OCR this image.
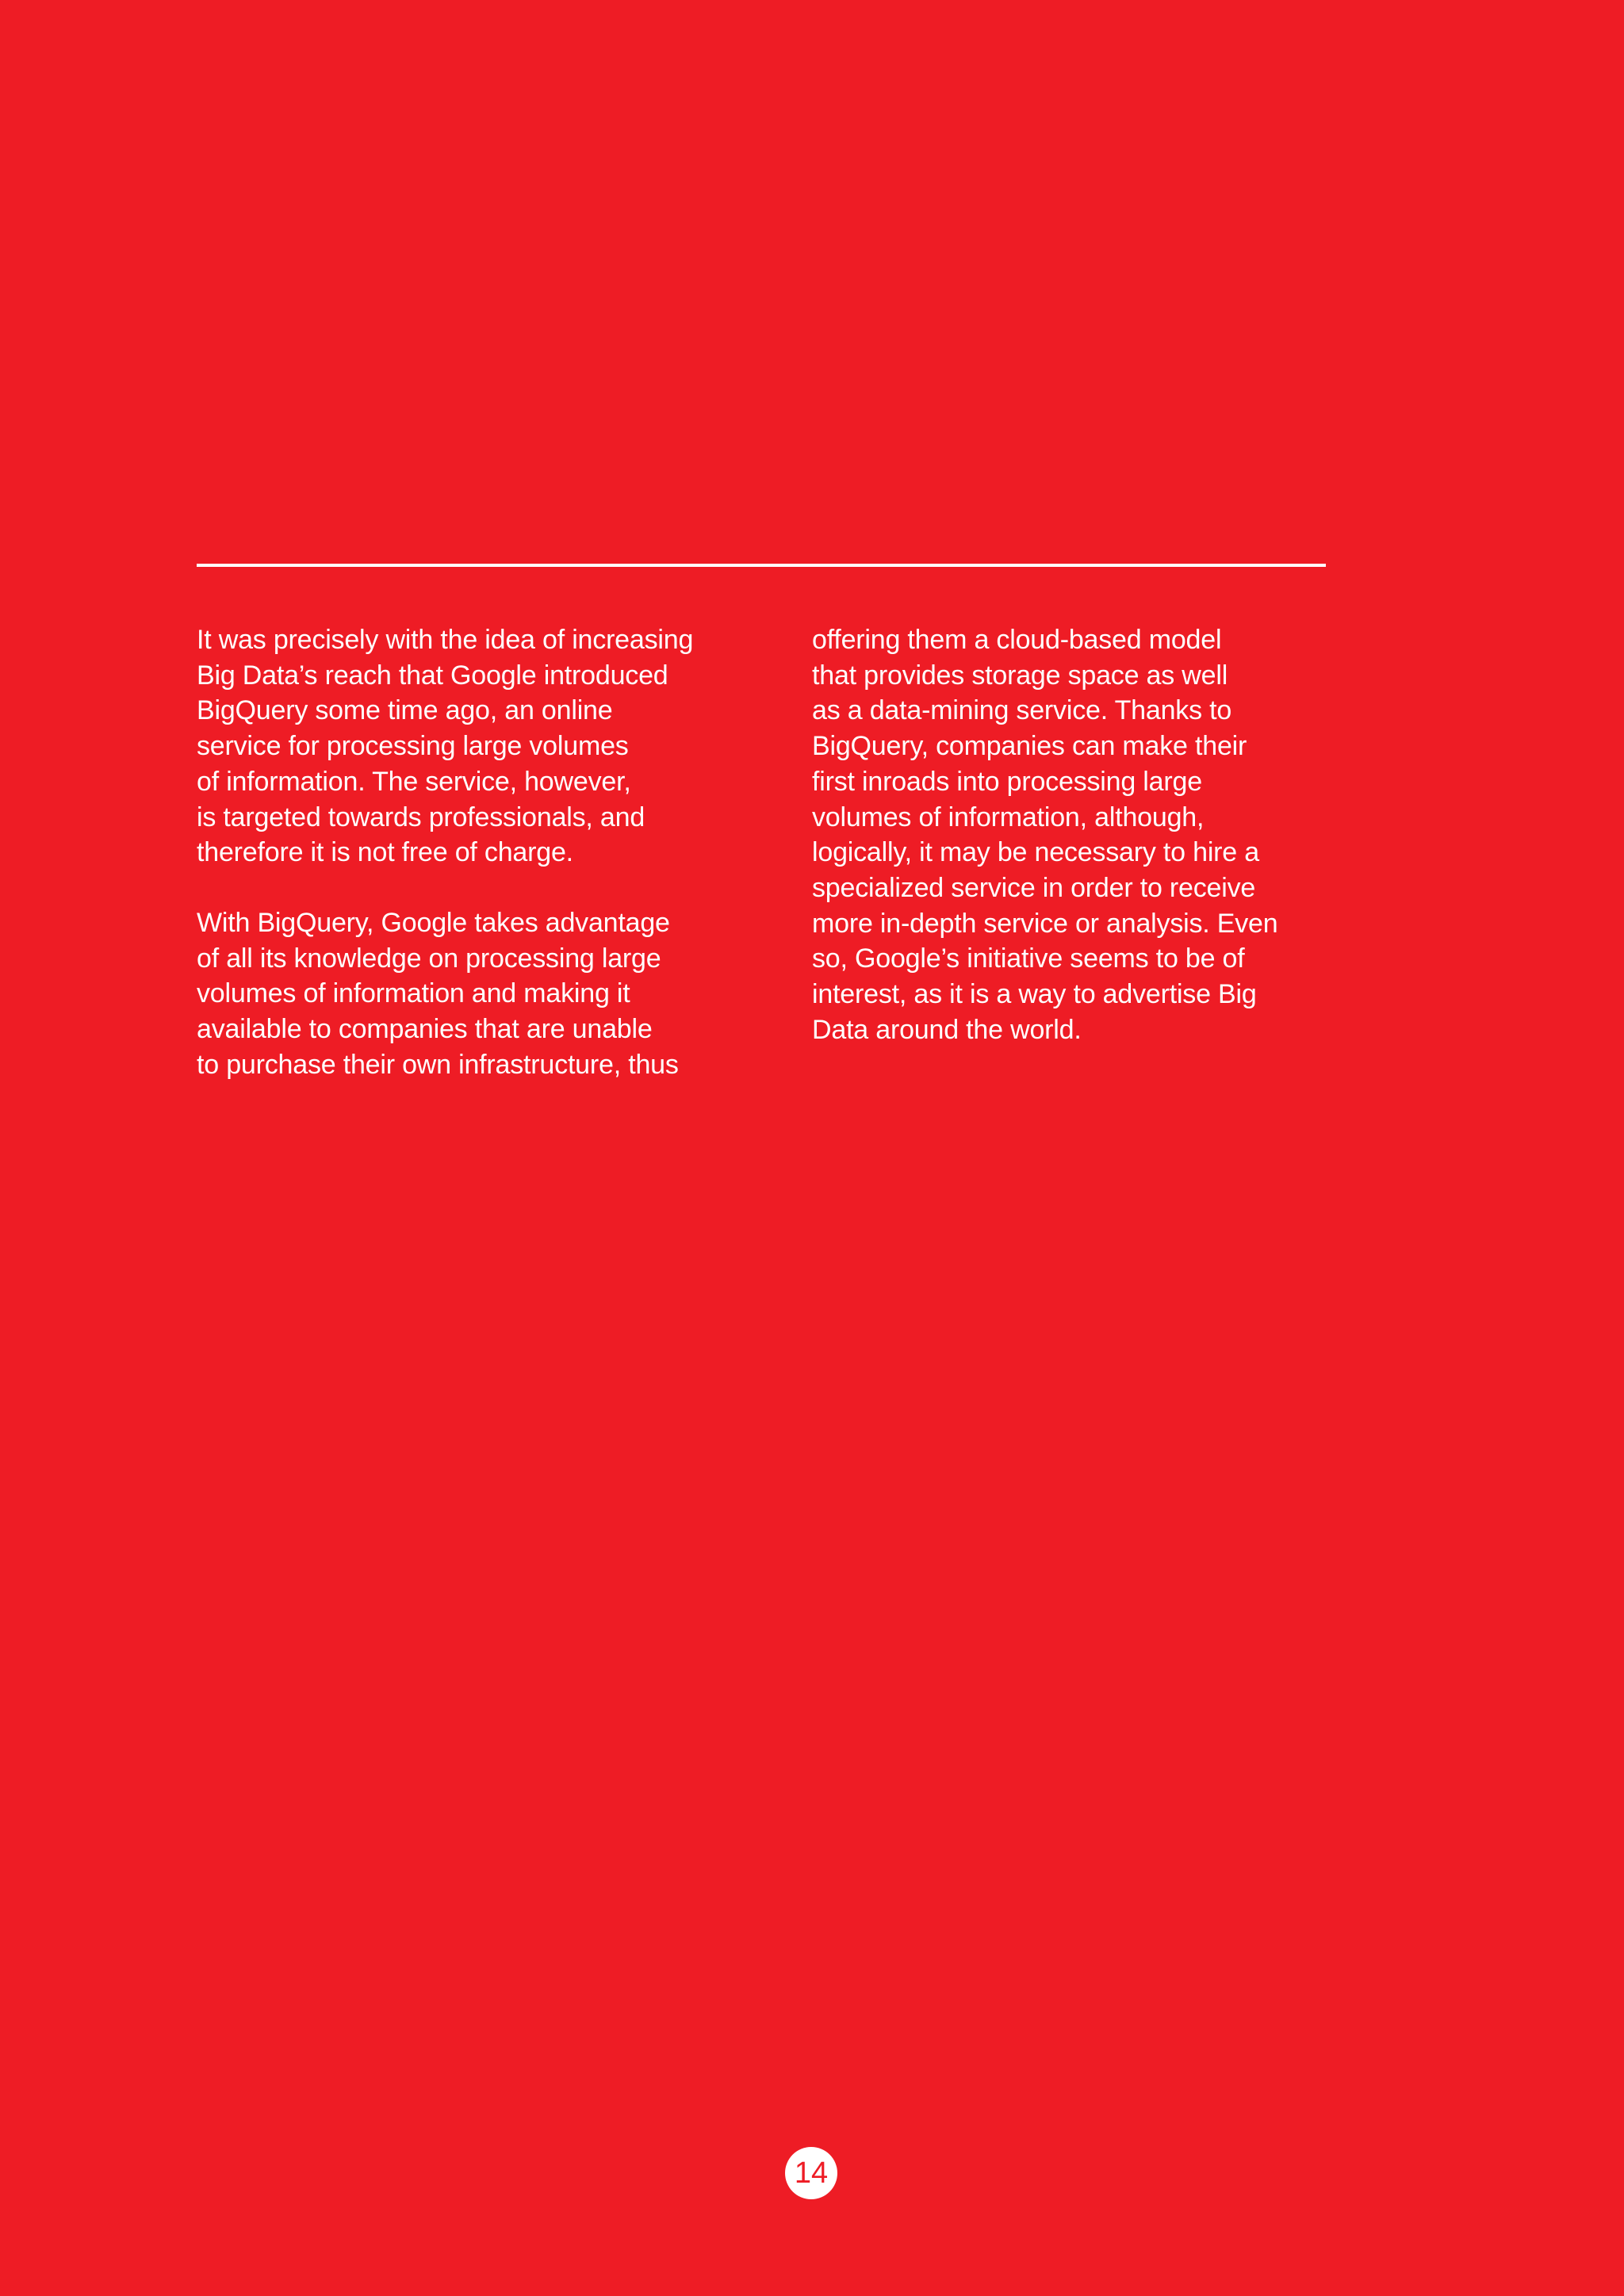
It was precisely with the idea of increasing
Big Data’s reach that Google introduced
BigQuery some time ago, an online
service for processing large volumes
of information. The service, however,
is targeted towards professionals, and
therefore it is not free of charge.

With BigQuery, Google takes advantage
of all its knowledge on processing large
volumes of information and making it
available to companies that are unable
to purchase their own infrastructure, thus

offering them a cloud-based model
that provides storage space as well
as a data-mining service. Thanks to
BigQuery, companies can make their
first inroads into processing large
volumes of information, although,
logically, it may be necessary to hire a
specialized service in order to receive
more in-depth service or analysis. Even
so, Google’s initiative seems to be of
interest, as it is a way to advertise Big
Data around the world.

14
